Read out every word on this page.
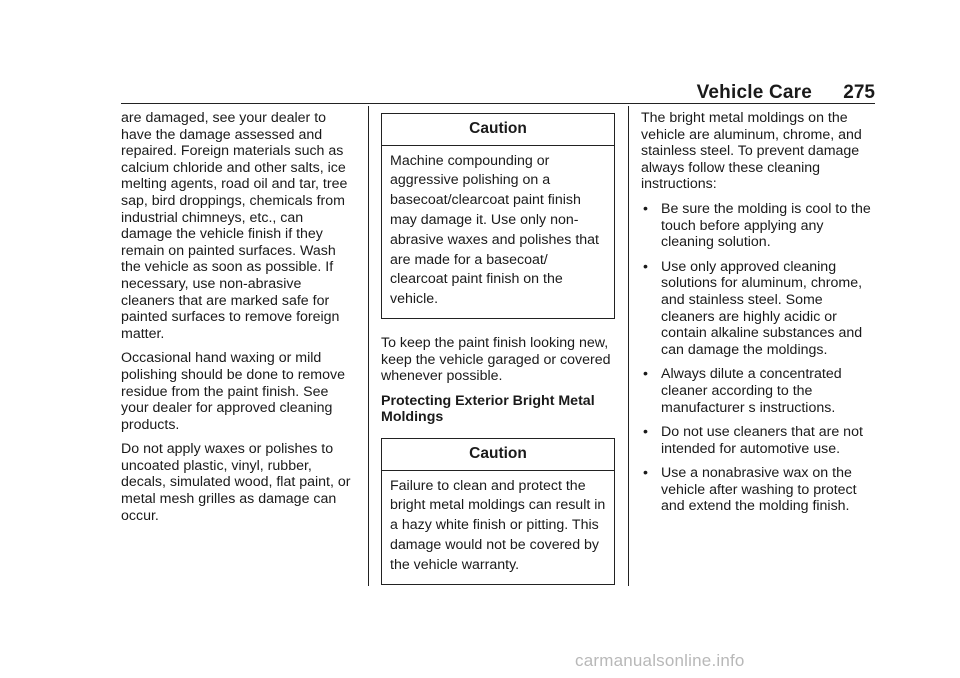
Vehicle Care 275

are damaged, see your dealer to have the damage assessed and repaired. Foreign materials such as calcium chloride and other salts, ice melting agents, road oil and tar, tree sap, bird droppings, chemicals from industrial chimneys, etc., can damage the vehicle finish if they remain on painted surfaces. Wash the vehicle as soon as possible. If necessary, use non-abrasive cleaners that are marked safe for painted surfaces to remove foreign matter.

Occasional hand waxing or mild polishing should be done to remove residue from the paint finish. See your dealer for approved cleaning products.

Do not apply waxes or polishes to uncoated plastic, vinyl, rubber, decals, simulated wood, flat paint, or metal mesh grilles as damage can occur.

Caution
Machine compounding or aggressive polishing on a basecoat/clearcoat paint finish may damage it. Use only non-abrasive waxes and polishes that are made for a basecoat/ clearcoat paint finish on the vehicle.

To keep the paint finish looking new, keep the vehicle garaged or covered whenever possible.

Protecting Exterior Bright Metal Moldings

Caution
Failure to clean and protect the bright metal moldings can result in a hazy white finish or pitting. This damage would not be covered by the vehicle warranty.

The bright metal moldings on the vehicle are aluminum, chrome, and stainless steel. To prevent damage always follow these cleaning instructions:

• Be sure the molding is cool to the touch before applying any cleaning solution.
• Use only approved cleaning solutions for aluminum, chrome, and stainless steel. Some cleaners are highly acidic or contain alkaline substances and can damage the moldings.
• Always dilute a concentrated cleaner according to the manufacturer s instructions.
• Do not use cleaners that are not intended for automotive use.
• Use a nonabrasive wax on the vehicle after washing to protect and extend the molding finish.
carmanualsonline.info
